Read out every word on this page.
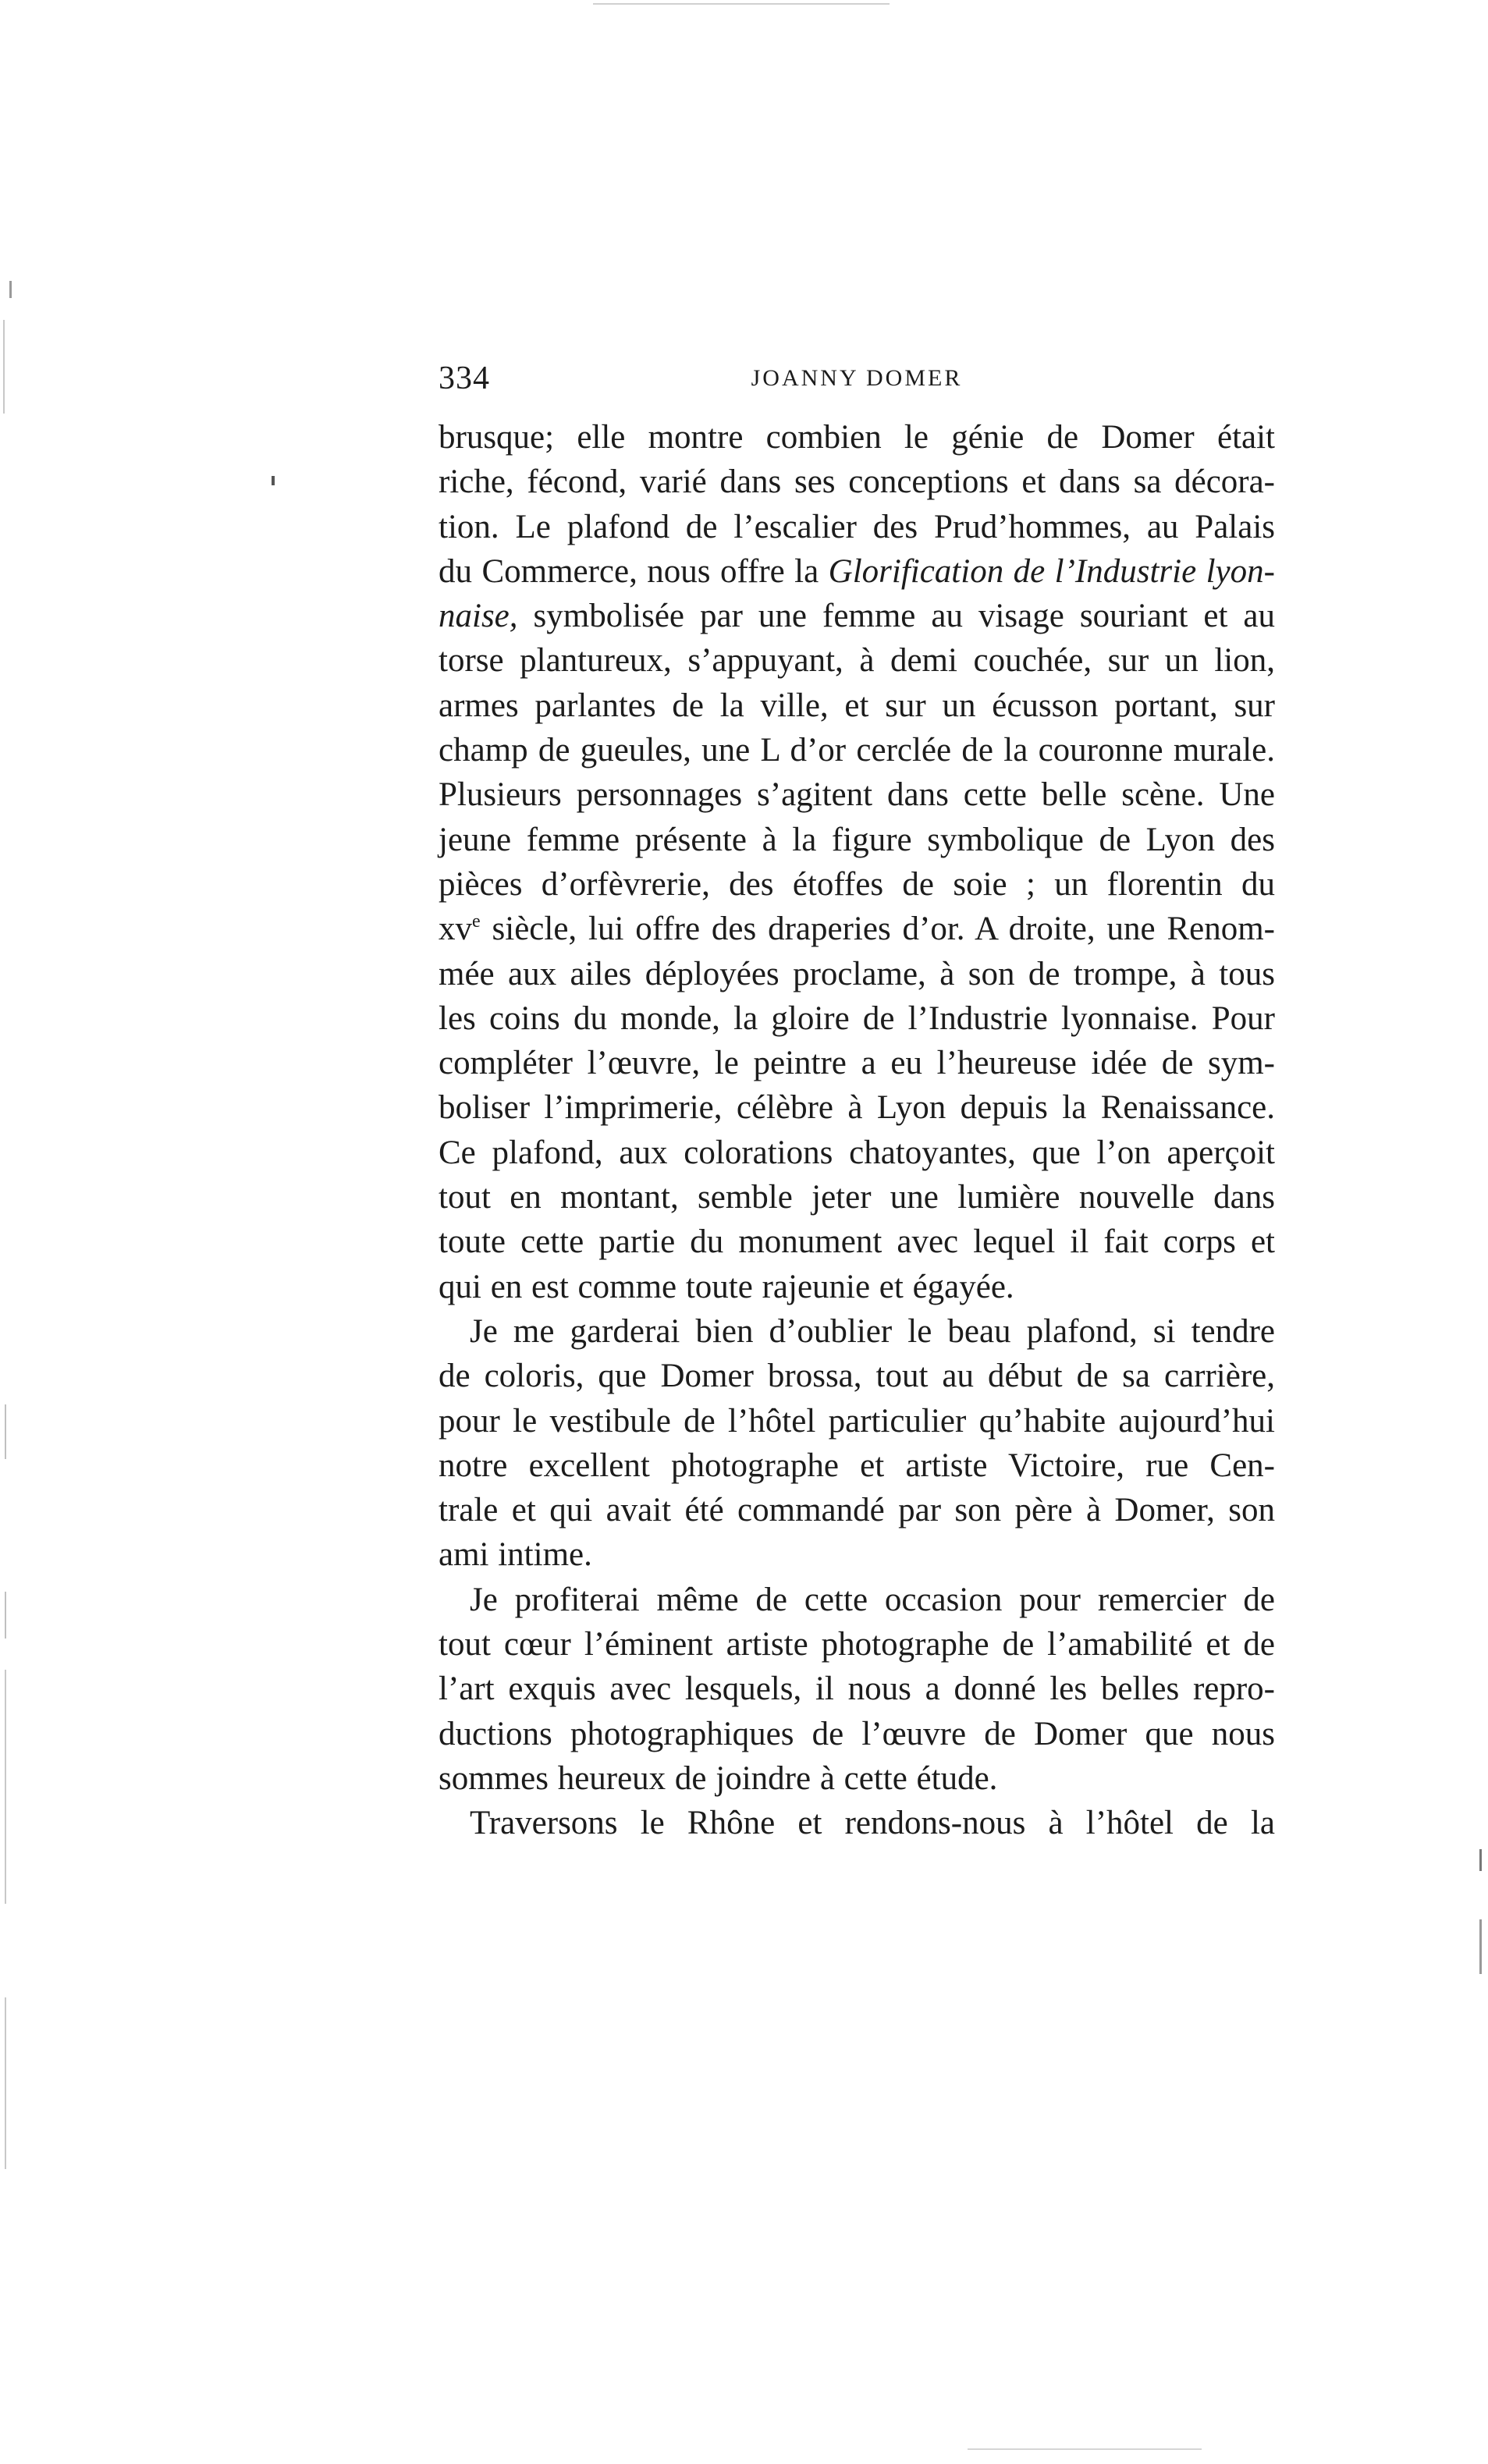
334	JOANNY DOMER
brusque; elle montre combien le génie de Domer était
riche, fécond, varié dans ses conceptions et dans sa décora-
tion. Le plafond de l’escalier des Prud’hommes, au Palais
du Commerce, nous offre la Glorification de l’Industrie lyon-
naise, symbolisée par une femme au visage souriant et au
torse plantureux, s’appuyant, à demi couchée, sur un lion,
armes parlantes de la ville, et sur un écusson portant, sur
champ de gueules, une L d’or cerclée de la couronne murale.
Plusieurs personnages s’agitent dans cette belle scène. Une
jeune femme présente à la figure symbolique de Lyon des
pièces d’orfèvrerie, des étoffes de soie ; un florentin du
$xv^e$ siècle, lui offre des draperies d’or. A droite, une Renom-
mée aux ailes déployées proclame, à son de trompe, à tous
les coins du monde, la gloire de l’Industrie lyonnaise. Pour
compléter l’œuvre, le peintre a eu l’heureuse idée de sym-
boliser l’imprimerie, célèbre à Lyon depuis la Renaissance.
Ce plafond, aux colorations chatoyantes, que l’on aperçoit
tout en montant, semble jeter une lumière nouvelle dans
toute cette partie du monument avec lequel il fait corps et
qui en est comme toute rajeunie et égayée.
Je me garderai bien d’oublier le beau plafond, si tendre
de coloris, que Domer brossa, tout au début de sa carrière,
pour le vestibule de l’hôtel particulier qu’habite aujourd’hui
notre excellent photographe et artiste Victoire, rue Cen-
trale et qui avait été commandé par son père à Domer, son
ami intime.
Je profiterai même de cette occasion pour remercier de
tout cœur l’éminent artiste photographe de l’amabilité et de
l’art exquis avec lesquels, il nous a donné les belles repro-
ductions photographiques de l’œuvre de Domer que nous
sommes heureux de joindre à cette étude.
Traversons le Rhône et rendons-nous à l’hôtel de la
